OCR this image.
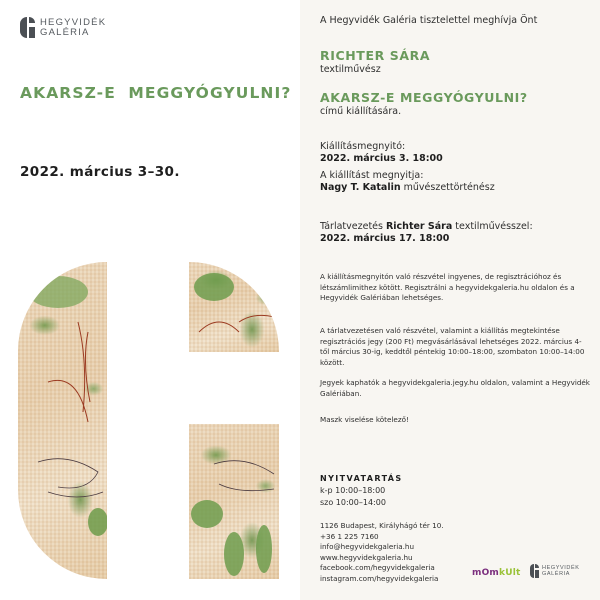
HEGYVIDÉK
GALÉRIA
AKARSZ-E MEGGYÓGYULNI?
2022. március 3–30.
A Hegyvidék Galéria tisztelettel meghívja Önt
RICHTER SÁRA
textilművész
AKARSZ-E MEGGYÓGYULNI?
című kiállítására.
Kiállításmegnyitó:
2022. március 3. 18:00
A kiállítást megnyitja:
Nagy T. Katalin művészettörténész
Tárlatvezetés Richter Sára textilművésszel:
2022. március 17. 18:00
A kiállításmegnyitón való részvétel ingyenes, de regisztrációhoz és létszámlimithez kötött. Regisztrálni a hegyvidekgaleria.hu oldalon és a Hegyvidék Galériában lehetséges.
A tárlatvezetésen való részvétel, valamint a kiállítás megtekintése regisztrációs jegy (200 Ft) megvásárlásával lehetséges 2022. március 4-től március 30-ig, keddtől péntekig 10:00–18:00, szombaton 10:00–14:00 között.
Jegyek kaphatók a hegyvidekgaleria.jegy.hu oldalon, valamint a Hegyvidék Galériában.
Maszk viselése kötelező!
NYITVATARTÁS
k-p 10:00–18:00
szo 10:00–14:00
1126 Budapest, Királyhágó tér 10.
+36 1 225 7160
info@hegyvidekgaleria.hu
www.hegyvidekgaleria.hu
facebook.com/hegyvidekgaleria
instagram.com/hegyvidekgaleria	mOmkUlt
HEGYVIDÉK
GALÉRIA
